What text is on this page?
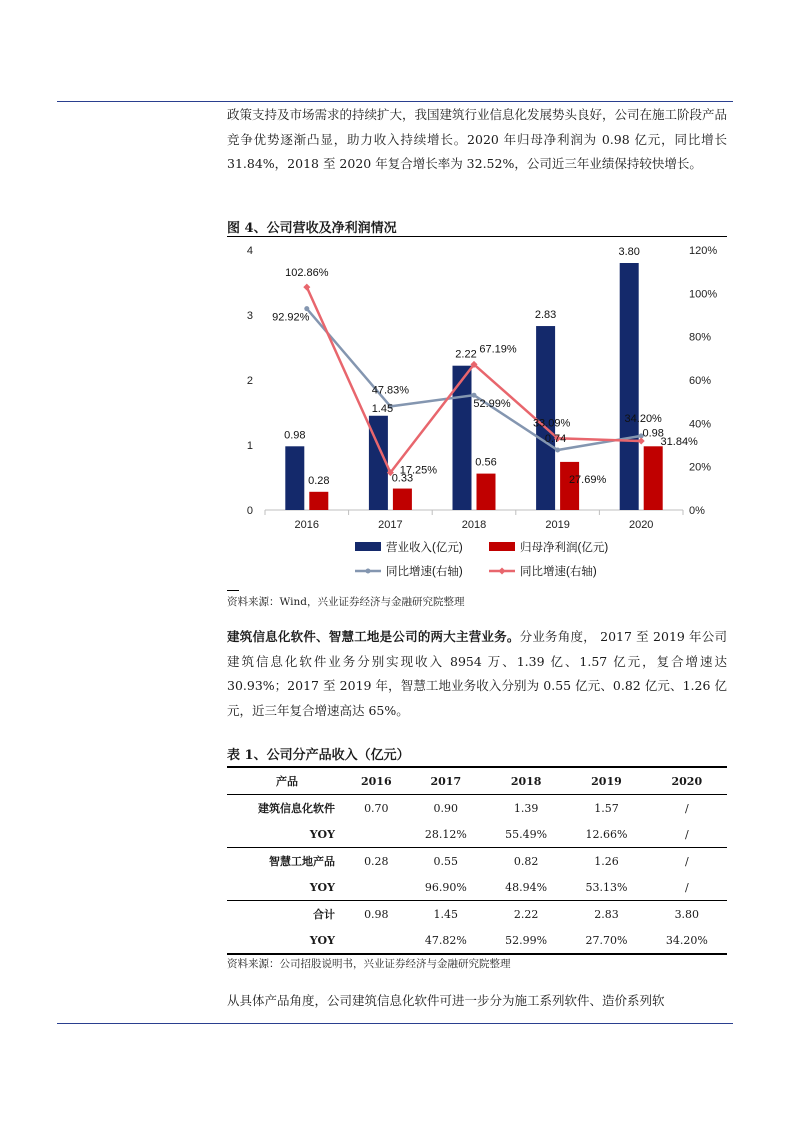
政策支持及市场需求的持续扩大，我国建筑行业信息化发展势头良好，公司在施工阶段产品竞争优势逐渐凸显，助力收入持续增长。2020 年归母净利润为 0.98 亿元，同比增长 31.84%，2018 至 2020 年复合增长率为 32.52%，公司近三年业绩保持较快增长。
图 4、公司营收及净利润情况
2016	2017	2018	2019	2020
0
1
2
3
4
0%
20%
40%
60%
80%
100%
120%
0.98
1.45
2.22
2.83
3.80
0.28	0.33
0.56
0.74	0.98
92.92%
47.83%
52.99%
27.69%
34.20%
102.86%
17.25%
67.19%
33.09%
31.84%
营业收入(亿元)	归母净利润(亿元)
同比增速(右轴)	同比增速(右轴)
资料来源：Wind，兴业证券经济与金融研究院整理
建筑信息化软件、智慧工地是公司的两大主营业务。分业务角度， 2017 至 2019 年公司建筑信息化软件业务分别实现收入 8954 万、1.39 亿、1.57 亿元，复合增速达 30.93%；2017 至 2019 年，智慧工地业务收入分别为 0.55 亿元、0.82 亿元、1.26 亿元，近三年复合增速高达 65%。
表 1、公司分产品收入（亿元）
产品	2016	2017	2018	2019	2020
建筑信息化软件	0.70	0.90	1.39	1.57	/
YOY		28.12%	55.49%	12.66%	/
智慧工地产品	0.28	0.55	0.82	1.26	/
YOY		96.90%	48.94%	53.13%	/
合计	0.98	1.45	2.22	2.83	3.80
YOY		47.82%	52.99%	27.70%	34.20%
资料来源：公司招股说明书，兴业证券经济与金融研究院整理
从具体产品角度，公司建筑信息化软件可进一步分为施工系列软件、造价系列软
